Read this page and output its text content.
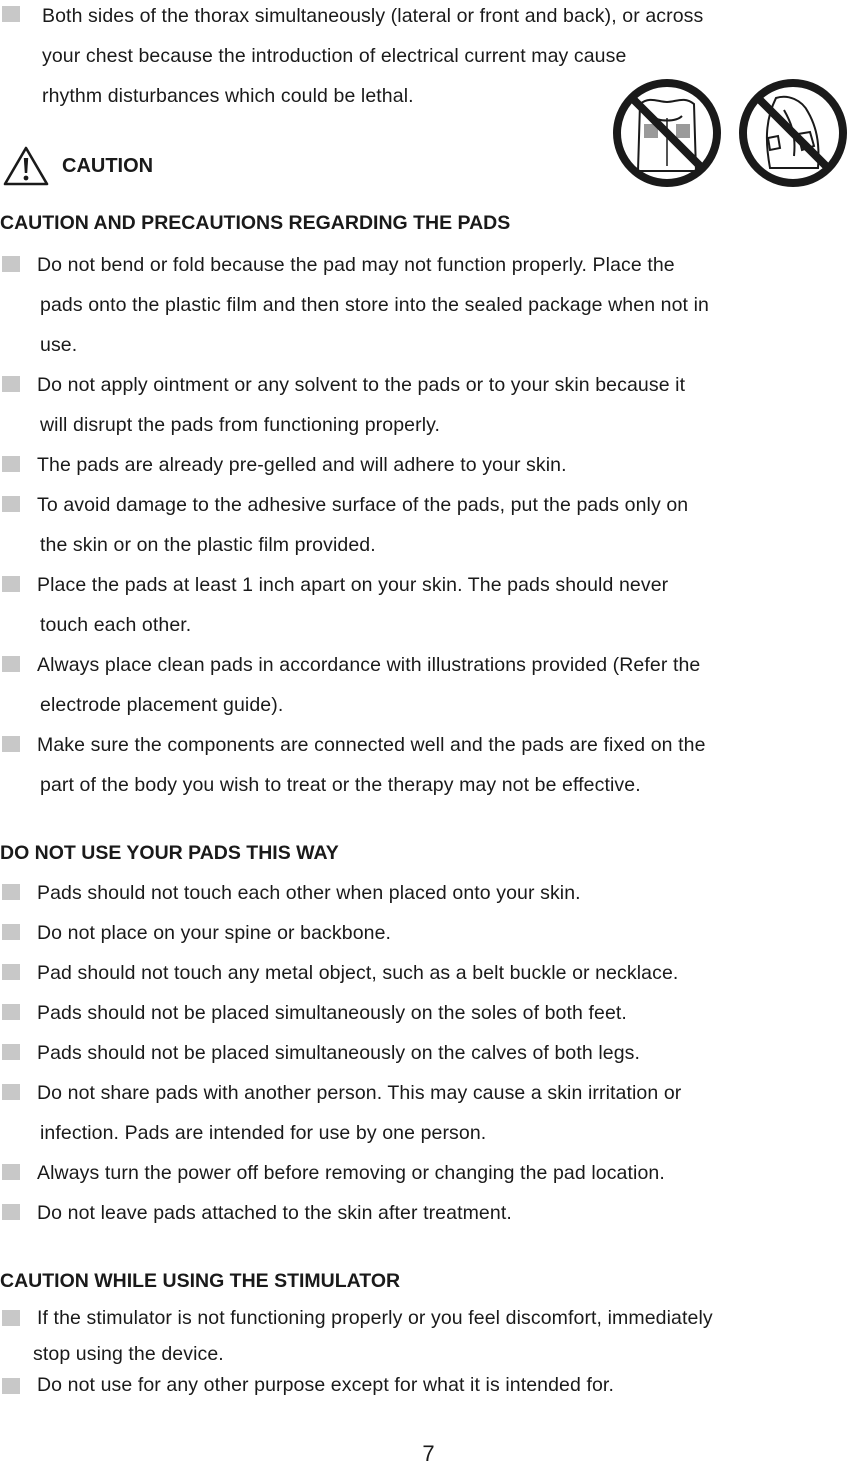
Both sides of the thorax simultaneously (lateral or front and back), or across
your chest because the introduction of electrical current may cause
rhythm disturbances which could be lethal.
CAUTION
CAUTION AND PRECAUTIONS REGARDING THE PADS
Do not bend or fold because the pad may not function properly. Place the
pads onto the plastic film and then store into the sealed package when not in
use.
Do not apply ointment or any solvent to the pads or to your skin because it
will disrupt the pads from functioning properly.
The pads are already pre-gelled and will adhere to your skin.
To avoid damage to the adhesive surface of the pads, put the pads only on
the skin or on the plastic film provided.
Place the pads at least 1 inch apart on your skin. The pads should never
touch each other.
Always place clean pads in accordance with illustrations provided (Refer the
electrode placement guide).
Make sure the components are connected well and the pads are fixed on the
part of the body you wish to treat or the therapy may not be effective.
DO NOT USE YOUR PADS THIS WAY
Pads should not touch each other when placed onto your skin.
Do not place on your spine or backbone.
Pad should not touch any metal object, such as a belt buckle or necklace.
Pads should not be placed simultaneously on the soles of both feet.
Pads should not be placed simultaneously on the calves of both legs.
Do not share pads with another person. This may cause a skin irritation or
infection. Pads are intended for use by one person.
Always turn the power off before removing or changing the pad location.
Do not leave pads attached to the skin after treatment.
CAUTION WHILE USING THE STIMULATOR
If the stimulator is not functioning properly or you feel discomfort, immediately
stop using the device.
Do not use for any other purpose except for what it is intended for.
7
